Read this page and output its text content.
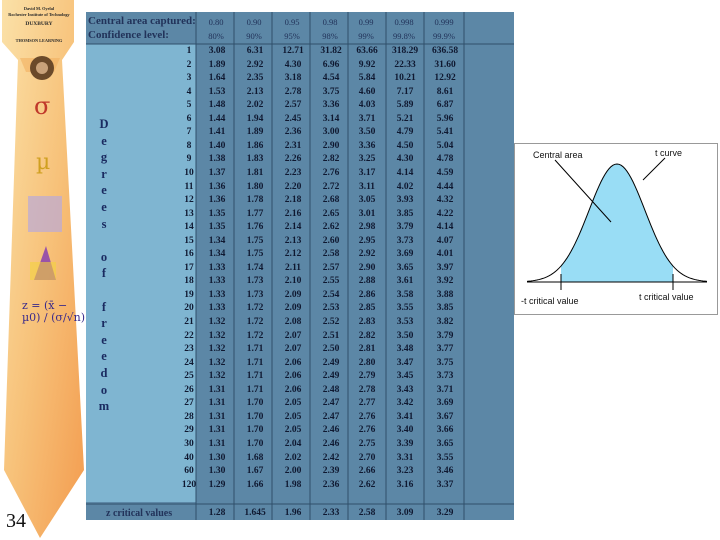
David M. Oyelal
Rochester Institute of Technology
DUXBURY
THOMSON LEARNING
σ
µ
z = (x̄ − µ0) / (σ/√n)
34
D
e
g
r
e
e
s

o
f

f
r
e
e
d
o
m
Central area captured:
Confidence level:
0.80	0.90	0.95	0.98	0.99	0.998	0.999
80%	90%	95%	98%	99%	99.8%	99.9%
1	3.08	6.31	12.71	31.82	63.66	318.29	636.58
2	1.89	2.92	4.30	6.96	9.92	22.33	31.60
3	1.64	2.35	3.18	4.54	5.84	10.21	12.92
4	1.53	2.13	2.78	3.75	4.60	7.17	8.61
5	1.48	2.02	2.57	3.36	4.03	5.89	6.87
6	1.44	1.94	2.45	3.14	3.71	5.21	5.96
7	1.41	1.89	2.36	3.00	3.50	4.79	5.41
8	1.40	1.86	2.31	2.90	3.36	4.50	5.04
9	1.38	1.83	2.26	2.82	3.25	4.30	4.78
10	1.37	1.81	2.23	2.76	3.17	4.14	4.59
11	1.36	1.80	2.20	2.72	3.11	4.02	4.44
12	1.36	1.78	2.18	2.68	3.05	3.93	4.32
13	1.35	1.77	2.16	2.65	3.01	3.85	4.22
14	1.35	1.76	2.14	2.62	2.98	3.79	4.14
15	1.34	1.75	2.13	2.60	2.95	3.73	4.07
16	1.34	1.75	2.12	2.58	2.92	3.69	4.01
17	1.33	1.74	2.11	2.57	2.90	3.65	3.97
18	1.33	1.73	2.10	2.55	2.88	3.61	3.92
19	1.33	1.73	2.09	2.54	2.86	3.58	3.88
20	1.33	1.72	2.09	2.53	2.85	3.55	3.85
21	1.32	1.72	2.08	2.52	2.83	3.53	3.82
22	1.32	1.72	2.07	2.51	2.82	3.50	3.79
23	1.32	1.71	2.07	2.50	2.81	3.48	3.77
24	1.32	1.71	2.06	2.49	2.80	3.47	3.75
25	1.32	1.71	2.06	2.49	2.79	3.45	3.73
26	1.31	1.71	2.06	2.48	2.78	3.43	3.71
27	1.31	1.70	2.05	2.47	2.77	3.42	3.69
28	1.31	1.70	2.05	2.47	2.76	3.41	3.67
29	1.31	1.70	2.05	2.46	2.76	3.40	3.66
30	1.31	1.70	2.04	2.46	2.75	3.39	3.65
40	1.30	1.68	2.02	2.42	2.70	3.31	3.55
60	1.30	1.67	2.00	2.39	2.66	3.23	3.46
120	1.29	1.66	1.98	2.36	2.62	3.16	3.37
z critical values	1.28	1.645	1.96	2.33	2.58	3.09	3.29
Central area	t curve
-t critical value	t critical value
